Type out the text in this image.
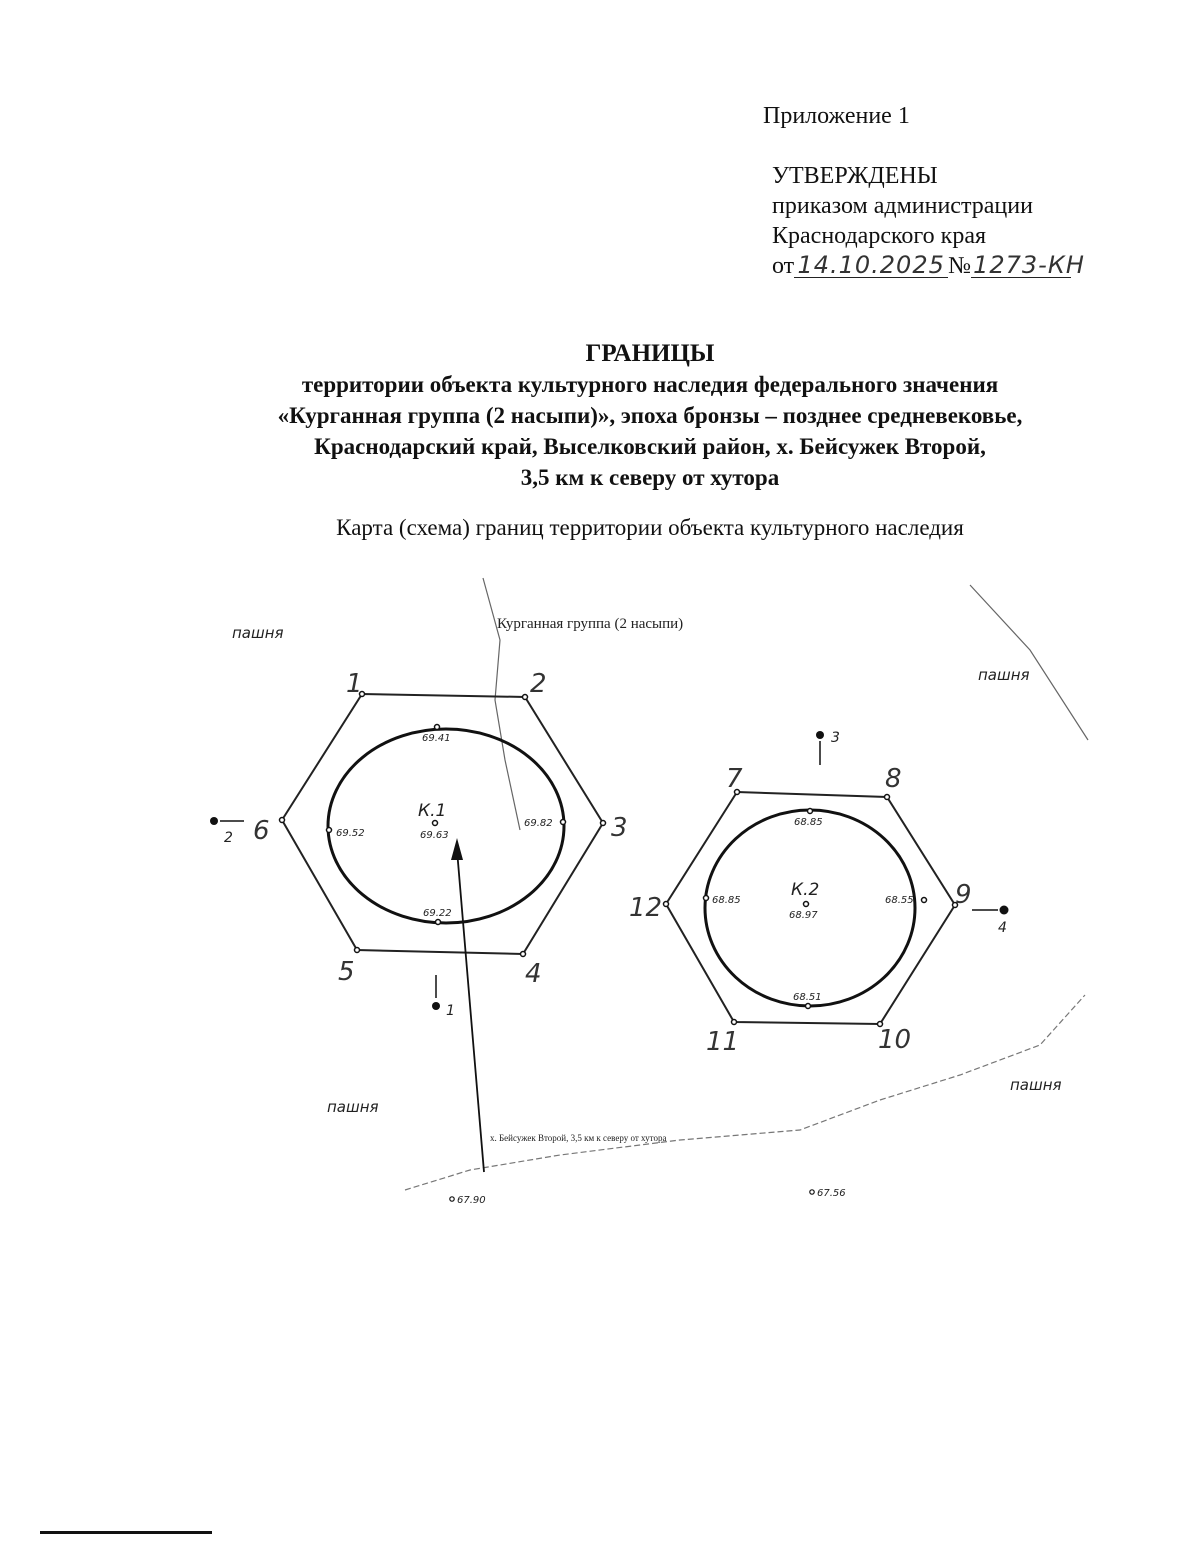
Приложение 1
УТВЕРЖДЕНЫ
приказом администрации
Краснодарского края
от 14.10.2025 №1273-КН
ГРАНИЦЫ
территории объекта культурного наследия федерального значения
«Курганная группа (2 насыпи)», эпоха бронзы – позднее средневековье,
Краснодарский край, Выселковский район, х. Бейсужек Второй,
3,5 км к северу от хутора
Карта (схема) границ территории объекта культурного наследия
пашня
пашня
пашня
пашня
Курганная группа (2 насыпи)
х. Бейсужек Второй, 3,5 км к северу от хутора
1	2
3
4
5
6
К.1
69.63
69.41
69.52
69.82
69.22
7	8
9
10
11
12
К.2
68.97
68.85
68.85	68.55
68.51
1
2
3
4
67.90
67.56
